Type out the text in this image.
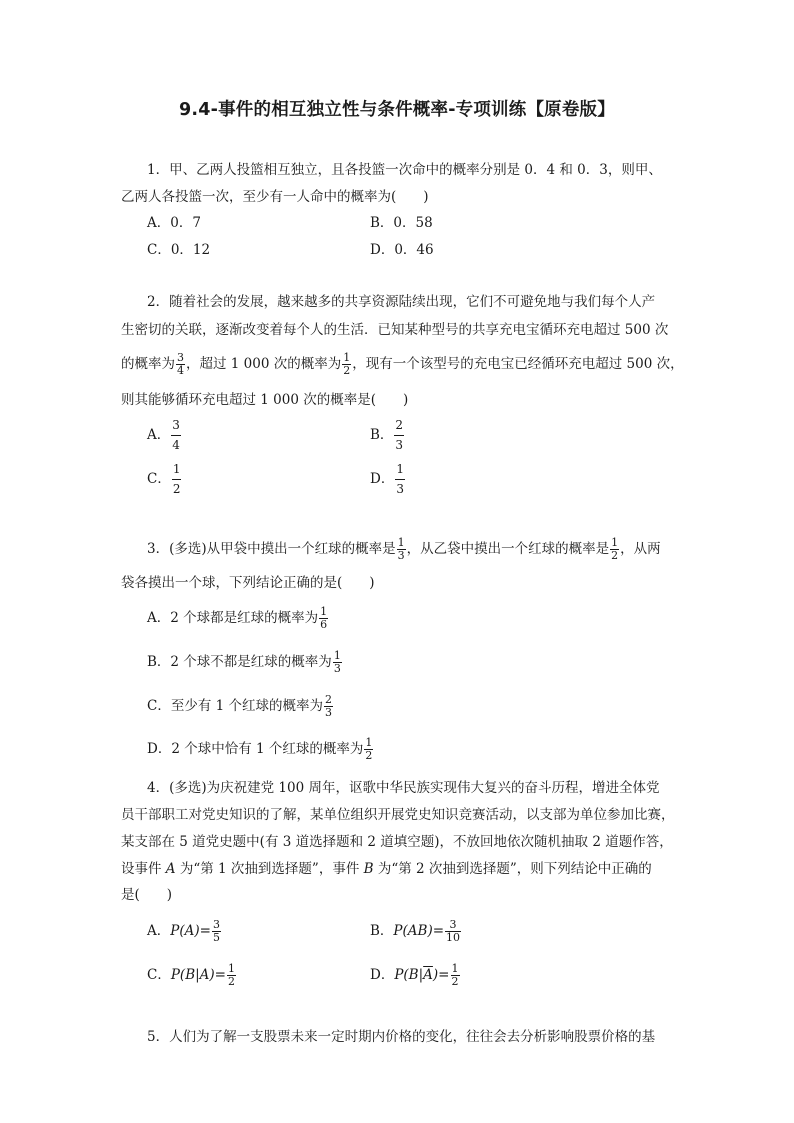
9.4-事件的相互独立性与条件概率-专项训练【原卷版】
1．甲、乙两人投篮相互独立，且各投篮一次命中的概率分别是 0．4 和 0．3，则甲、
乙两人各投篮一次，至少有一人命中的概率为(　　)
A．0．7	B．0．58
C．0．12	D．0．46
2．随着社会的发展，越来越多的共享资源陆续出现，它们不可避免地与我们每个人产
生密切的关联，逐渐改变着每个人的生活．已知某种型号的共享充电宝循环充电超过 500 次
的概率为 $\frac{3}{4}$ ，超过 1 000 次的概率为 $\frac{1}{2}$ ，现有一个该型号的充电宝已经循环充电超过 500 次，
则其能够循环充电超过 1 000 次的概率是(　　)
A． $\frac{3}{4}$	B． $\frac{2}{3}$
C． $\frac{1}{2}$	D． $\frac{1}{3}$
3．(多选)从甲袋中摸出一个红球的概率是 $\frac{1}{3}$ ，从乙袋中摸出一个红球的概率是 $\frac{1}{2}$ ，从两
袋各摸出一个球，下列结论正确的是(　　)
A．2 个球都是红球的概率为 $\frac{1}{6}$
B．2 个球不都是红球的概率为 $\frac{1}{3}$
C．至少有 1 个红球的概率为 $\frac{2}{3}$
D．2 个球中恰有 1 个红球的概率为 $\frac{1}{2}$
4．(多选)为庆祝建党 100 周年，讴歌中华民族实现伟大复兴的奋斗历程，增进全体党
员干部职工对党史知识的了解，某单位组织开展党史知识竞赛活动，以支部为单位参加比赛，
某支部在 5 道党史题中(有 3 道选择题和 2 道填空题)，不放回地依次随机抽取 2 道题作答，
设事件 A 为“第 1 次抽到选择题”，事件 B 为“第 2 次抽到选择题”，则下列结论中正确的
是(　　)
A．$P(A)= \frac{3}{5}$	B．$P(AB)= \frac{3}{10}$
C．$P(B|A)= \frac{1}{2}$	D．$P(B|\overline{A})= \frac{1}{2}$
5．人们为了解一支股票未来一定时期内价格的变化，往往会去分析影响股票价格的基
